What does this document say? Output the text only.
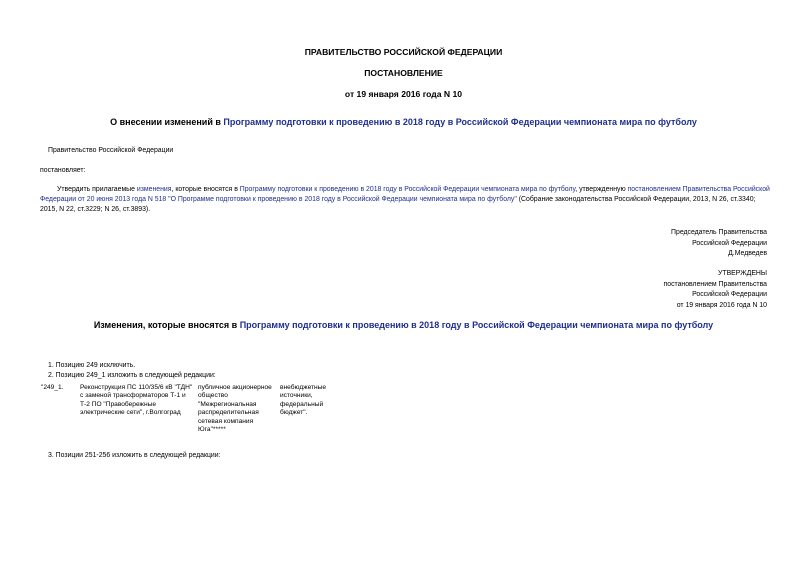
ПРАВИТЕЛЬСТВО РОССИЙСКОЙ ФЕДЕРАЦИИ
ПОСТАНОВЛЕНИЕ
от 19 января 2016 года N 10
О внесении изменений в Программу подготовки к проведению в 2018 году в Российской Федерации чемпионата мира по футболу
Правительство Российской Федерации
постановляет:
Утвердить прилагаемые изменения, которые вносятся в Программу подготовки к проведению в 2018 году в Российской Федерации чемпионата мира по футболу, утвержденную постановлением Правительства Российской Федерации от 20 июня 2013 года N 518 "О Программе подготовки к проведению в 2018 году в Российской Федерации чемпионата мира по футболу" (Собрание законодательства Российской Федерации, 2013, N 26, ст.3340; 2015, N 22, ст.3229; N 26, ст.3893).
Председатель Правительства
Российской Федерации
Д.Медведев
УТВЕРЖДЕНЫ
постановлением Правительства
Российской Федерации
от 19 января 2016 года N 10
Изменения, которые вносятся в Программу подготовки к проведению в 2018 году в Российской Федерации чемпионата мира по футболу
1. Позицию 249 исключить.
2. Позицию 249_1 изложить в следующей редакции:
"249_1.	Реконструкция ПС 110/35/6 кВ "ТДН" с заменой трансформаторов Т-1 и Т-2 ПО "Правобережные электрические сети", г.Волгоград
публичное акционерное общество "Межрегиональная распределительная сетевая компания Юга"*****
внебюджетные источники, федеральный бюджет".
3. Позиции 251-256 изложить в следующей редакции:
